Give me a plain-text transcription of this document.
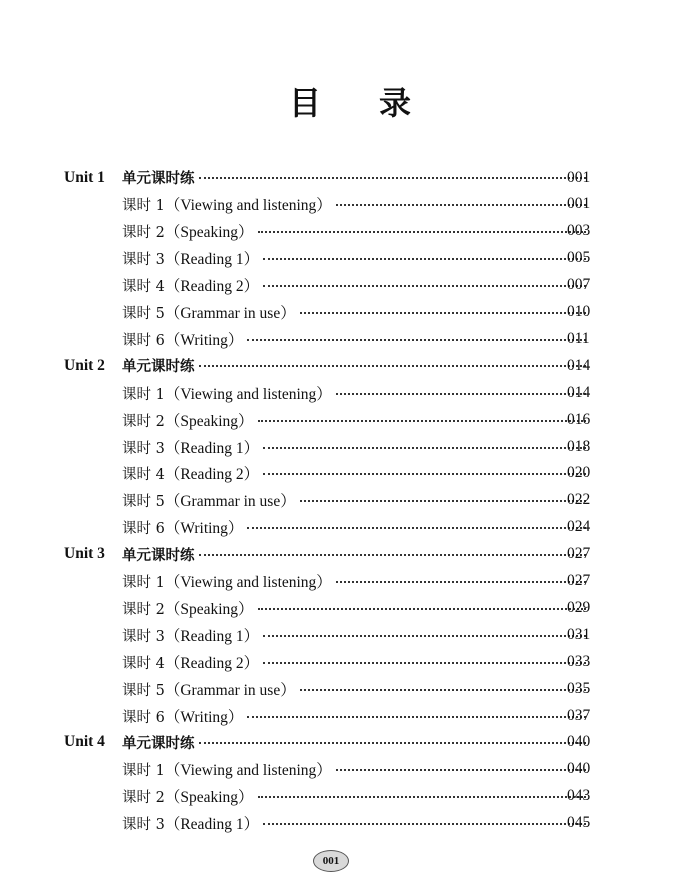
目 录
Unit 1	单元课时练	001
课时 1（Viewing and listening）	001
课时 2（Speaking）	003
课时 3（Reading 1）	005
课时 4（Reading 2）	007
课时 5（Grammar in use）	010
课时 6（Writing）	011
Unit 2	单元课时练	014
课时 1（Viewing and listening）	014
课时 2（Speaking）	016
课时 3（Reading 1）	018
课时 4（Reading 2）	020
课时 5（Grammar in use）	022
课时 6（Writing）	024
Unit 3	单元课时练	027
课时 1（Viewing and listening）	027
课时 2（Speaking）	029
课时 3（Reading 1）	031
课时 4（Reading 2）	033
课时 5（Grammar in use）	035
课时 6（Writing）	037
Unit 4	单元课时练	040
课时 1（Viewing and listening）	040
课时 2（Speaking）	043
课时 3（Reading 1）	045
001
